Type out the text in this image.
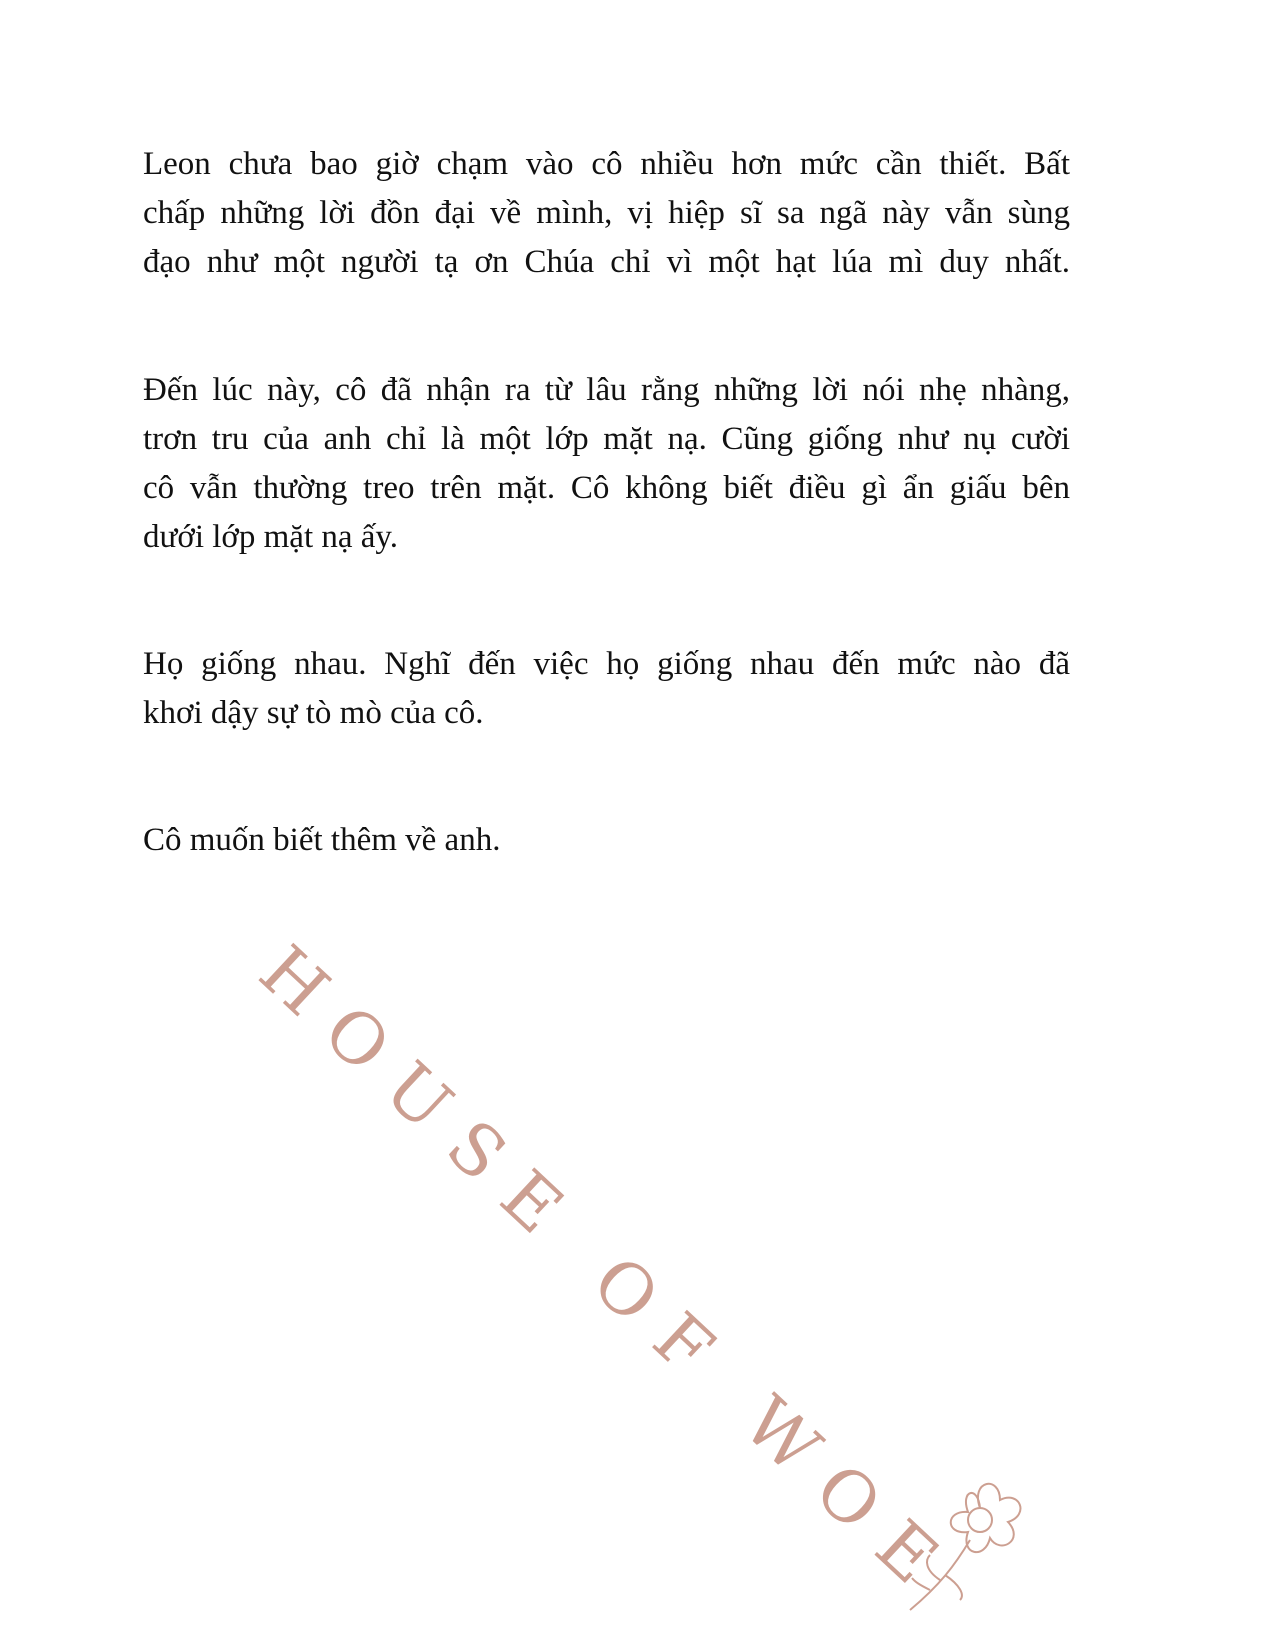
Leon chưa bao giờ chạm vào cô nhiều hơn mức cần thiết. Bất
chấp những lời đồn đại về mình, vị hiệp sĩ sa ngã này vẫn sùng
đạo như một người tạ ơn Chúa chỉ vì một hạt lúa mì duy nhất.
Đến lúc này, cô đã nhận ra từ lâu rằng những lời nói nhẹ nhàng,
trơn tru của anh chỉ là một lớp mặt nạ. Cũng giống như nụ cười
cô vẫn thường treo trên mặt. Cô không biết điều gì ẩn giấu bên
dưới lớp mặt nạ ấy.
Họ giống nhau. Nghĩ đến việc họ giống nhau đến mức nào đã
khơi dậy sự tò mò của cô.
Cô muốn biết thêm về anh.
HOUSE OF WOE
